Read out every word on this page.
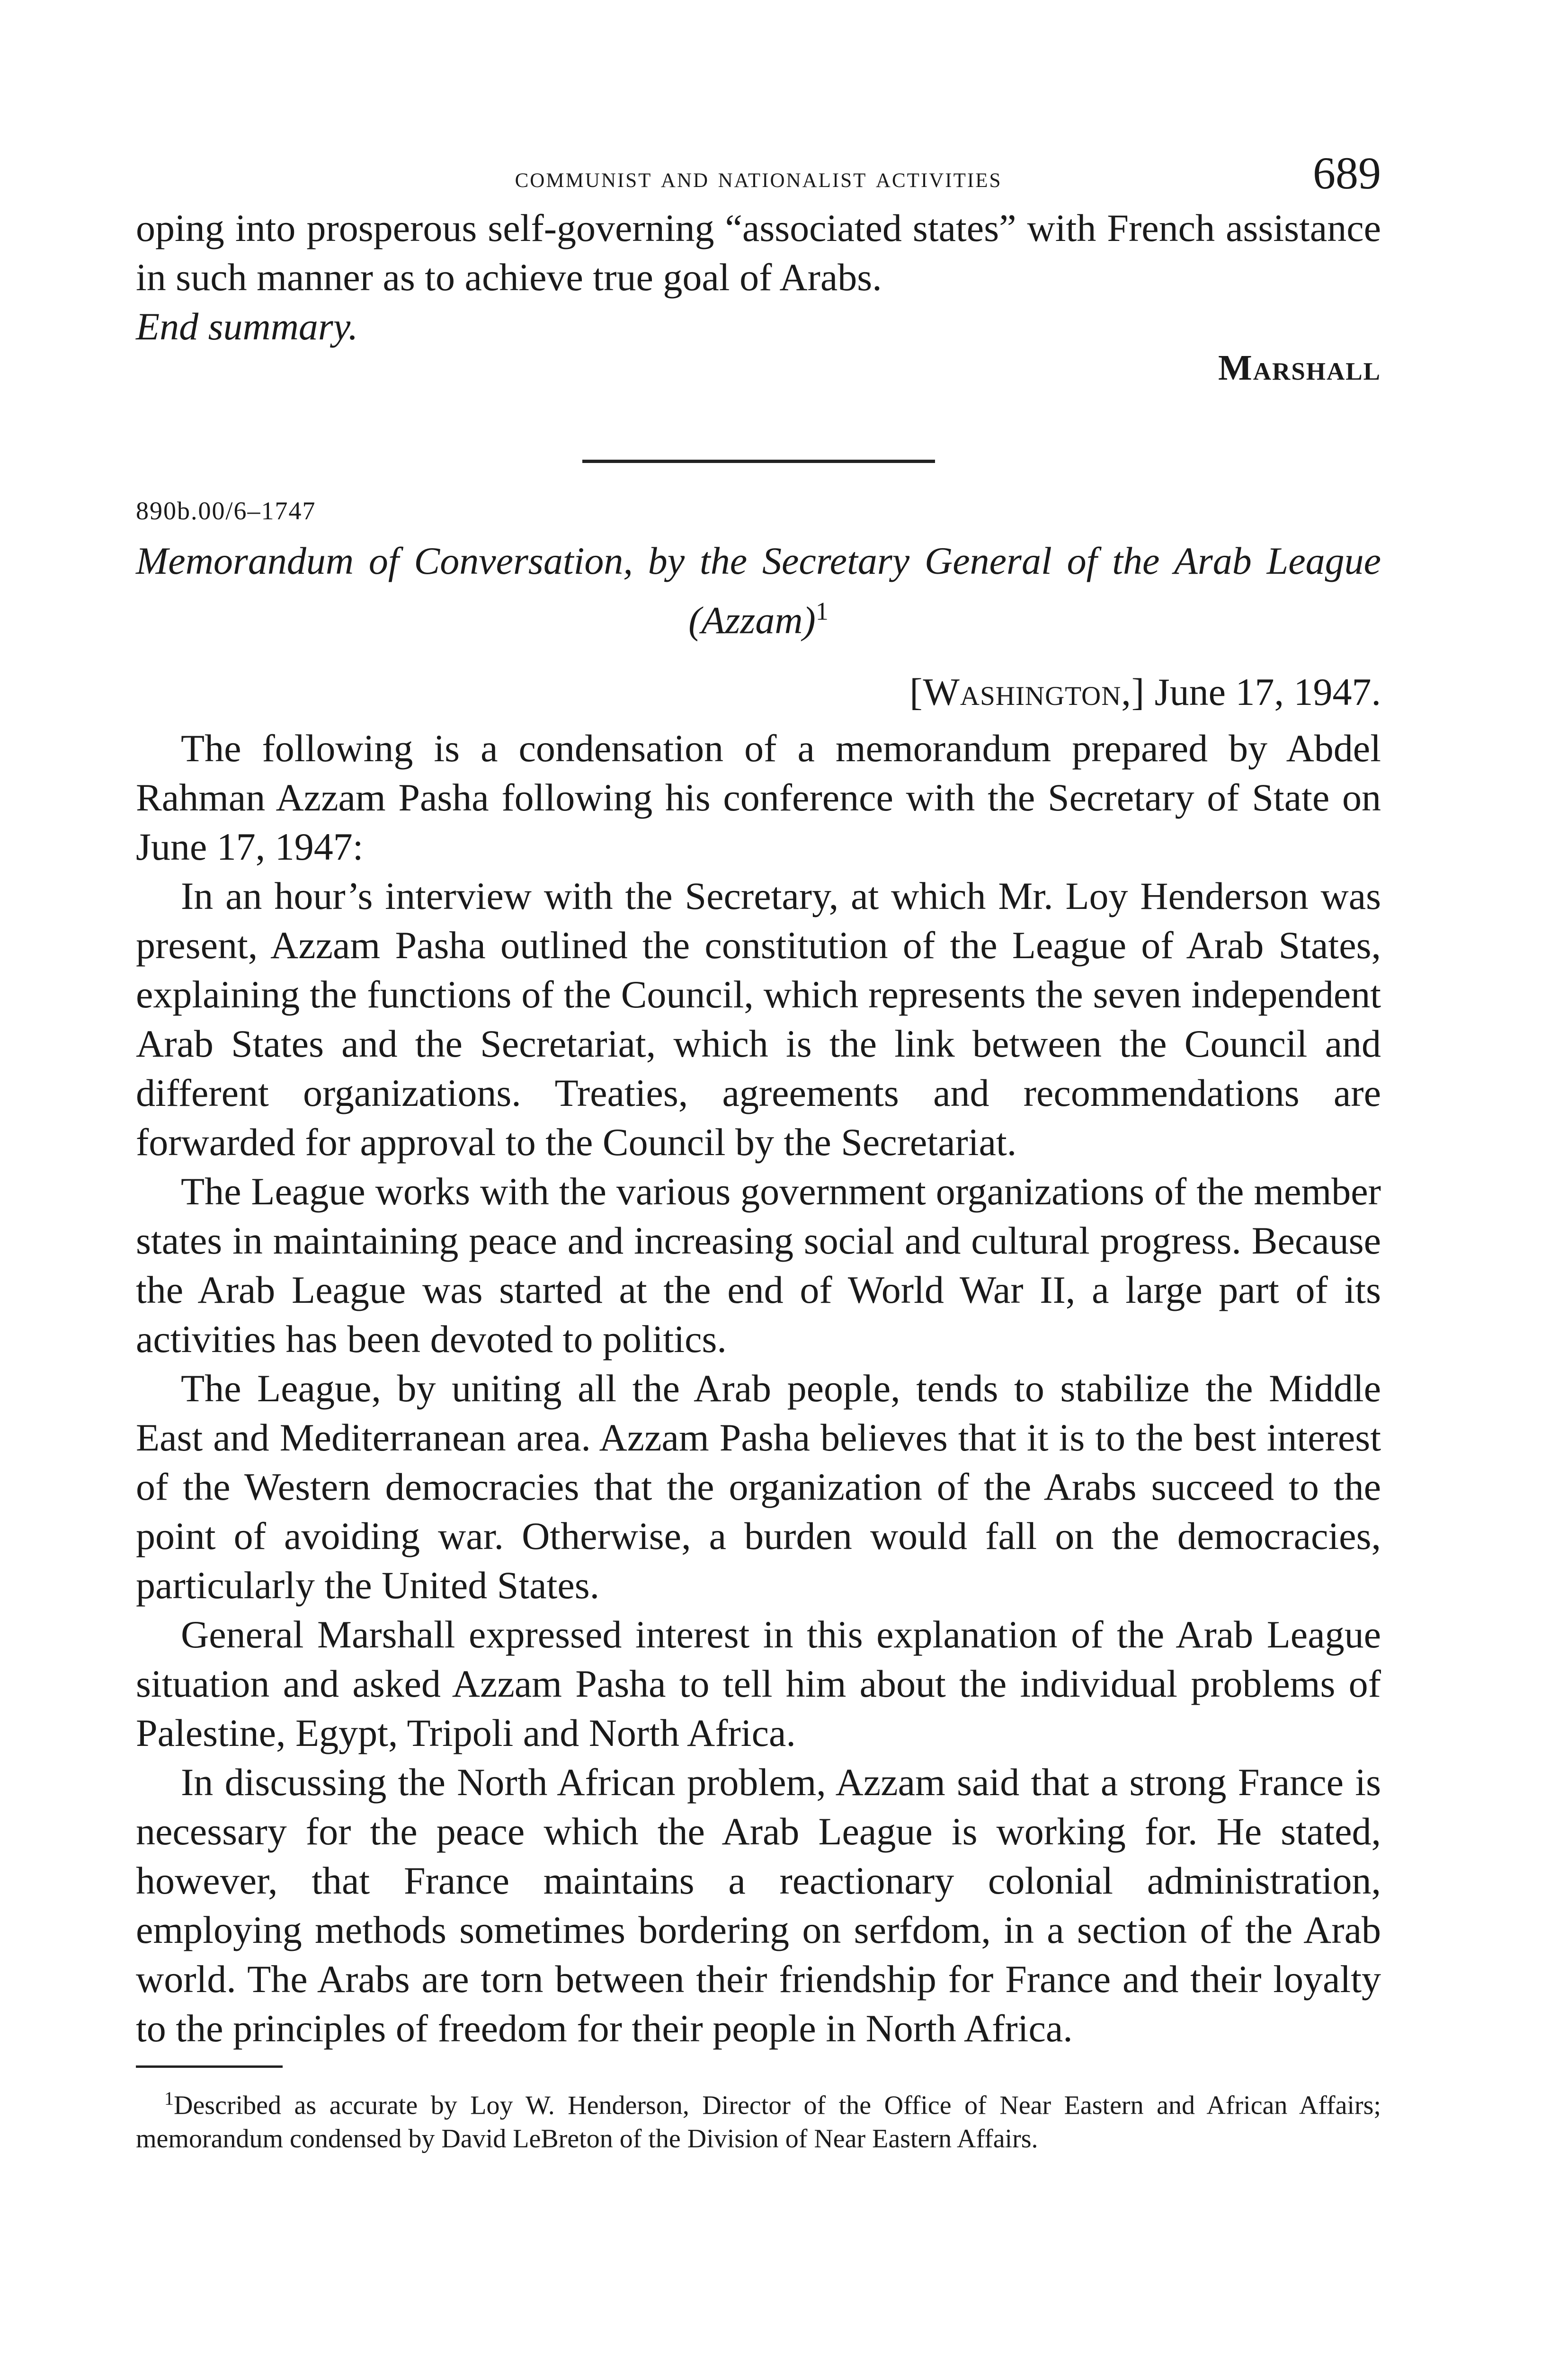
communist and nationalist activities	689

oping into prosperous self-governing “associated states” with French assistance in such manner as to achieve true goal of Arabs.

End summary.

Marshall
890b.00/6–1747
Memorandum of Conversation, by the Secretary General of the Arab League (Azzam)$^1$
[Washington,] June 17, 1947.

The following is a condensation of a memorandum prepared by Abdel Rahman Azzam Pasha following his conference with the Secretary of State on June 17, 1947:

In an hour’s interview with the Secretary, at which Mr. Loy Henderson was present, Azzam Pasha outlined the constitution of the League of Arab States, explaining the functions of the Council, which represents the seven independent Arab States and the Secretariat, which is the link between the Council and different organizations. Treaties, agreements and recommendations are forwarded for approval to the Council by the Secretariat.

The League works with the various government organizations of the member states in maintaining peace and increasing social and cultural progress. Because the Arab League was started at the end of World War II, a large part of its activities has been devoted to politics.

The League, by uniting all the Arab people, tends to stabilize the Middle East and Mediterranean area. Azzam Pasha believes that it is to the best interest of the Western democracies that the organization of the Arabs succeed to the point of avoiding war. Otherwise, a burden would fall on the democracies, particularly the United States.

General Marshall expressed interest in this explanation of the Arab League situation and asked Azzam Pasha to tell him about the individual problems of Palestine, Egypt, Tripoli and North Africa.

In discussing the North African problem, Azzam said that a strong France is necessary for the peace which the Arab League is working for. He stated, however, that France maintains a reactionary colonial administration, employing methods sometimes bordering on serfdom, in a section of the Arab world. The Arabs are torn between their friendship for France and their loyalty to the principles of freedom for their people in North Africa.

$^1$Described as accurate by Loy W. Henderson, Director of the Office of Near Eastern and African Affairs; memorandum condensed by David LeBreton of the Division of Near Eastern Affairs.
